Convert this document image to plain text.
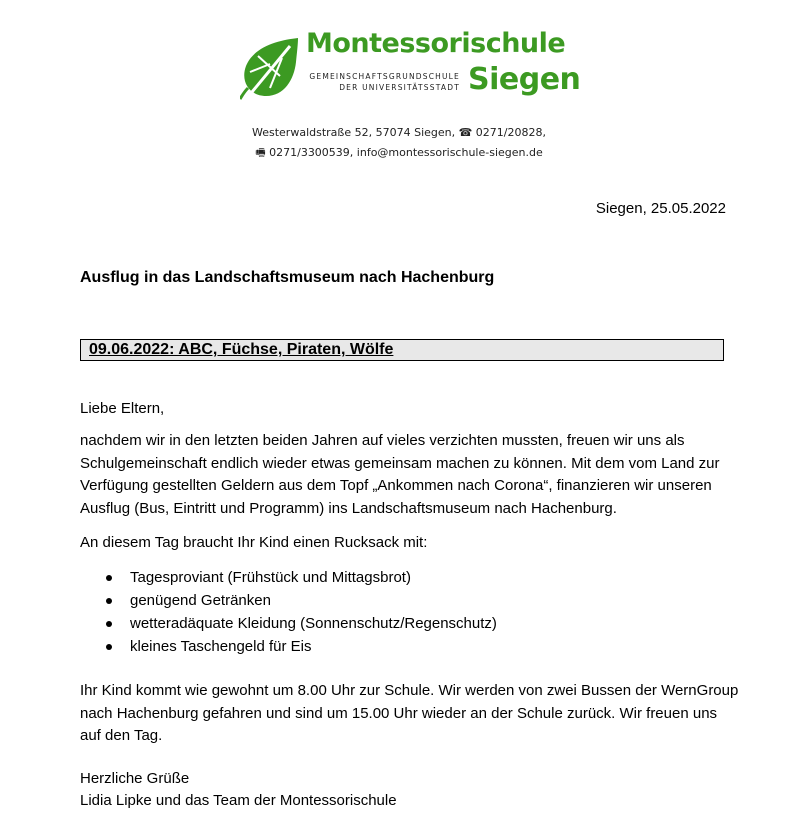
Montessorischule
GEMEINSCHAFTSGRUNDSCHULE
DER UNIVERSITÄTSSTADT Siegen
Westerwaldstraße 52, 57074 Siegen, ☎ 0271/20828,
🖷 0271/3300539, info@montessorischule-siegen.de
Siegen, 25.05.2022
Ausflug in das Landschaftsmuseum nach Hachenburg
09.06.2022: ABC, Füchse, Piraten, Wölfe
Liebe Eltern,
nachdem wir in den letzten beiden Jahren auf vieles verzichten mussten, freuen wir uns als Schulgemeinschaft endlich wieder etwas gemeinsam machen zu können. Mit dem vom Land zur Verfügung gestellten Geldern aus dem Topf „Ankommen nach Corona“, finanzieren wir unseren Ausflug (Bus, Eintritt und Programm) ins Landschaftsmuseum nach Hachenburg.
An diesem Tag braucht Ihr Kind einen Rucksack mit:
Tagesproviant (Frühstück und Mittagsbrot)
genügend Getränken
wetteradäquate Kleidung (Sonnenschutz/Regenschutz)
kleines Taschengeld für Eis
Ihr Kind kommt wie gewohnt um 8.00 Uhr zur Schule. Wir werden von zwei Bussen der WernGroup nach Hachenburg gefahren und sind um 15.00 Uhr wieder an der Schule zurück. Wir freuen uns auf den Tag.
Herzliche Grüße
Lidia Lipke und das Team der Montessorischule
